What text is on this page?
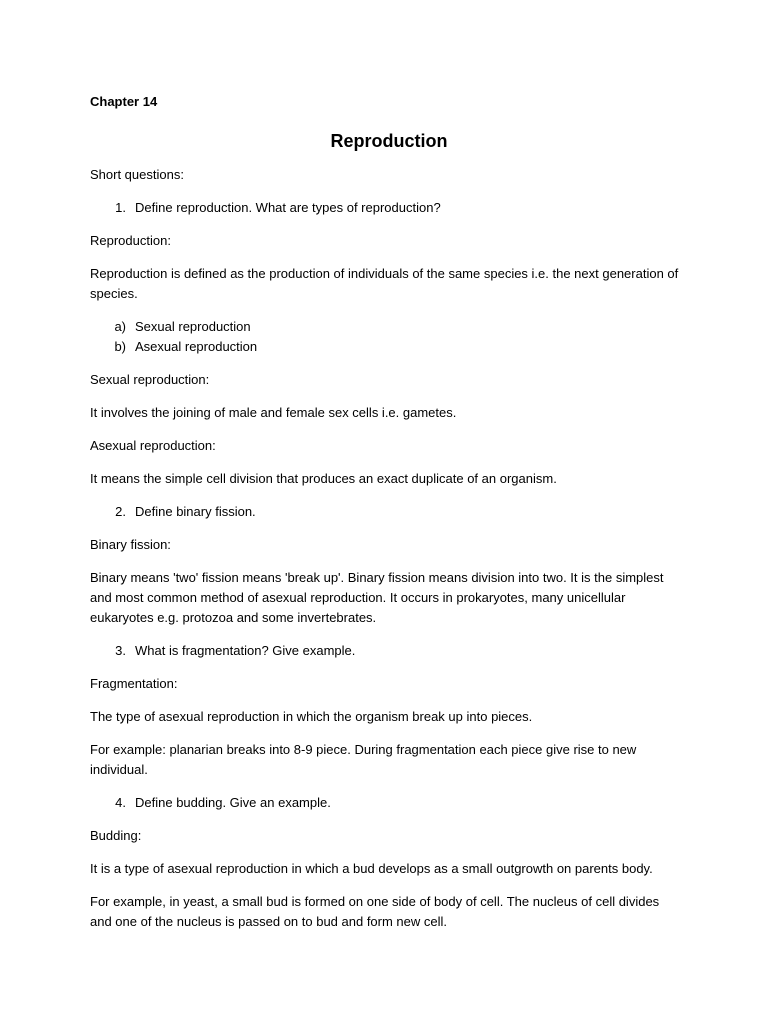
Chapter 14
Reproduction

Short questions:

1. Define reproduction. What are types of reproduction?

Reproduction:

Reproduction is defined as the production of individuals of the same species i.e. the next generation of species.

a) Sexual reproduction
b) Asexual reproduction

Sexual reproduction:

It involves the joining of male and female sex cells i.e. gametes.

Asexual reproduction:

It means the simple cell division that produces an exact duplicate of an organism.

2. Define binary fission.

Binary fission:

Binary means 'two' fission means 'break up'. Binary fission means division into two. It is the simplest and most common method of asexual reproduction. It occurs in prokaryotes, many unicellular eukaryotes e.g. protozoa and some invertebrates.

3. What is fragmentation? Give example.

Fragmentation:

The type of asexual reproduction in which the organism break up into pieces.

For example: planarian breaks into 8-9 piece. During fragmentation each piece give rise to new individual.

4. Define budding. Give an example.

Budding:

It is a type of asexual reproduction in which a bud develops as a small outgrowth on parents body.

For example, in yeast, a small bud is formed on one side of body of cell. The nucleus of cell divides and one of the nucleus is passed on to bud and form new cell.
